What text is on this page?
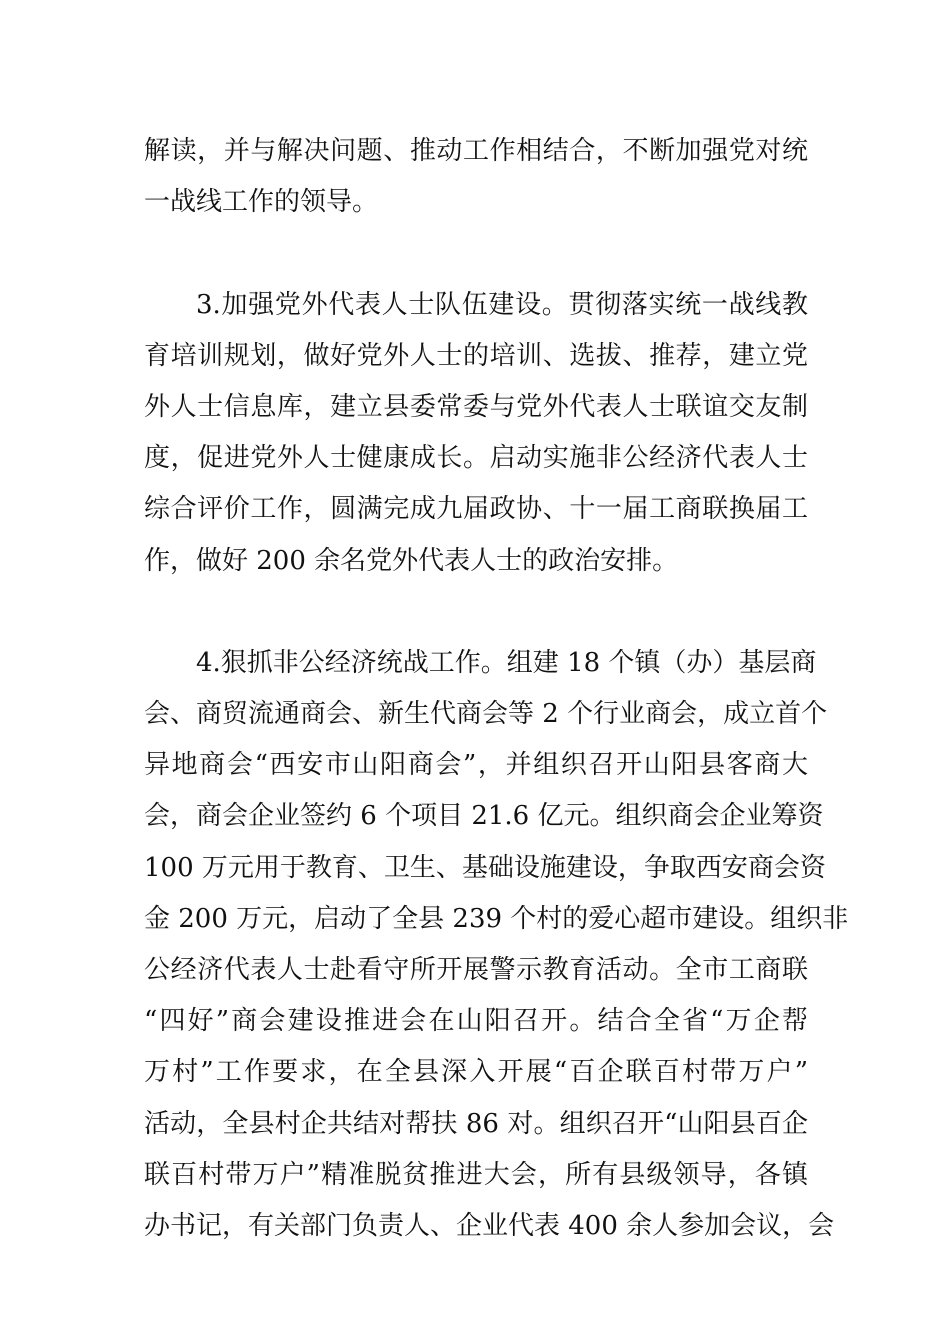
解读，并与解决问题、推动工作相结合，不断加强党对统
一战线工作的领导。
3.加强党外代表人士队伍建设。贯彻落实统一战线教
育培训规划，做好党外人士的培训、选拔、推荐，建立党
外人士信息库，建立县委常委与党外代表人士联谊交友制
度，促进党外人士健康成长。启动实施非公经济代表人士
综合评价工作，圆满完成九届政协、十一届工商联换届工
作，做好 200 余名党外代表人士的政治安排。
4.狠抓非公经济统战工作。组建 18 个镇（办）基层商
会、商贸流通商会、新生代商会等 2 个行业商会，成立首个
异地商会“西安市山阳商会”，并组织召开山阳县客商大
会，商会企业签约 6 个项目 21.6 亿元。组织商会企业筹资
100 万元用于教育、卫生、基础设施建设，争取西安商会资
金 200 万元，启动了全县 239 个村的爱心超市建设。组织非
公经济代表人士赴看守所开展警示教育活动。全市工商联
“四好”商会建设推进会在山阳召开。结合全省“万企帮
万村”工作要求，在全县深入开展“百企联百村带万户”
活动，全县村企共结对帮扶 86 对。组织召开“山阳县百企
联百村带万户”精准脱贫推进大会，所有县级领导，各镇
办书记，有关部门负责人、企业代表 400 余人参加会议，会
